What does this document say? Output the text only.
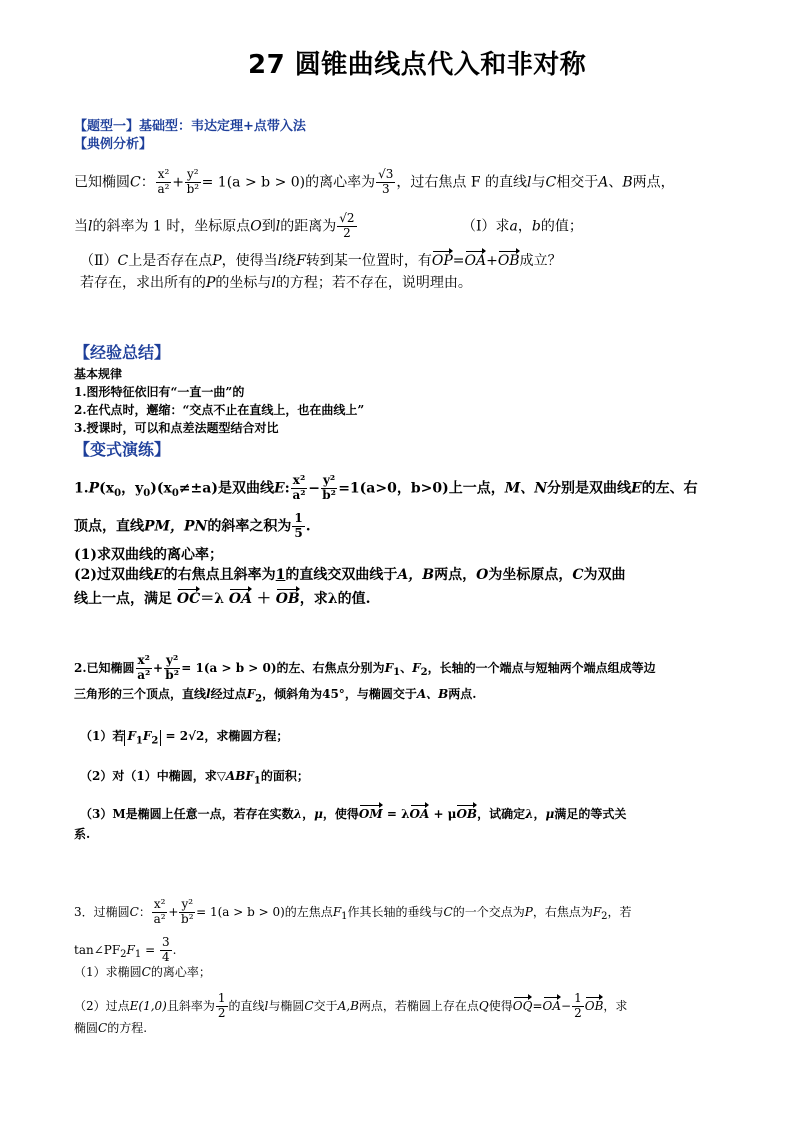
27 圆锥曲线点代入和非对称
【题型一】基础型：韦达定理+点带入法
【典例分析】
已知椭圆C： $\frac{\text{x²}}{\text{a²}} + \frac{\text{y²}}{\text{b²}} = 1(a > b > 0)$的离心率为 $\frac{√3}{3}$ ，过右焦点 F 的直线l与C相交于A、B两点，
当l的斜率为 1 时，坐标原点O到l的距离为 $\frac{√2}{2}$	（I）求a，b的值；
（Ⅱ）C上是否存在点P，使得当l绕F转到某一位置时，有OP=OA+OB成立？
若存在，求出所有的P的坐标与l的方程；若不存在，说明理由。
【经验总结】
基本规律
1.图形特征依旧有“一直一曲”的
2.在代点时，邂缩：“交点不止在直线上，也在曲线上”
3.授课时，可以和点差法题型结合对比
【变式演练】
$1.P(x_0$，$y_0)(x_0\ne\pm a)$是双曲线E: $\frac{\text{x²}}{\text{a²}} - \frac{\text{y²}}{\text{b²}} =1(a>0$，b>0)上一点，M、N分别是双曲线E的左、右
顶点，直线PM，PN的斜率之积为 $\frac{1}{5}$ .
(1)求双曲线的离心率；
(2)过双曲线E的右焦点且斜率为1的直线交双曲线于A，B两点，O为坐标原点，C为双曲
线上一点，满足 OC＝λ OA ＋ OB，求λ的值.
2.已知椭圆 $\frac{\text{x²}}{\text{a²}} + \frac{\text{y²}}{\text{b²}} = 1(a > b > 0)$的左、右焦点分别为$F_1$、$F_2$，长轴的一个端点与短轴两个端点组成等边
三角形的三个顶点，直线l经过点$F_2$，倾斜角为45°，与椭圆交于A、B两点.
（1）若 $F_1F_2 = 2√2$，求椭圆方程；
（2）对（1）中椭圆，求$▽ABF_1$的面积；
（3）M是椭圆上任意一点，若存在实数λ，μ，使得OM = λOA + μOB，试确定λ，μ满足的等式关
系.
3．过椭圆C： $\frac{\text{x²}}{\text{a²}} + \frac{\text{y²}}{\text{b²}} = 1(a > b > 0)$的左焦点$F_1$作其长轴的垂线与C的一个交点为P，右焦点为$F_2$，若
$\tan\angle PF_2F_1 = \frac{3}{4}$ .
（1）求椭圆C的离心率；
（2）过点E(1,0)且斜率为 $\frac{1}{2}$ 的直线l与椭圆C交于A,B两点，若椭圆上存在点Q使得$OQ=OA- \frac{1}{2}$ OB，求
椭圆C的方程.
